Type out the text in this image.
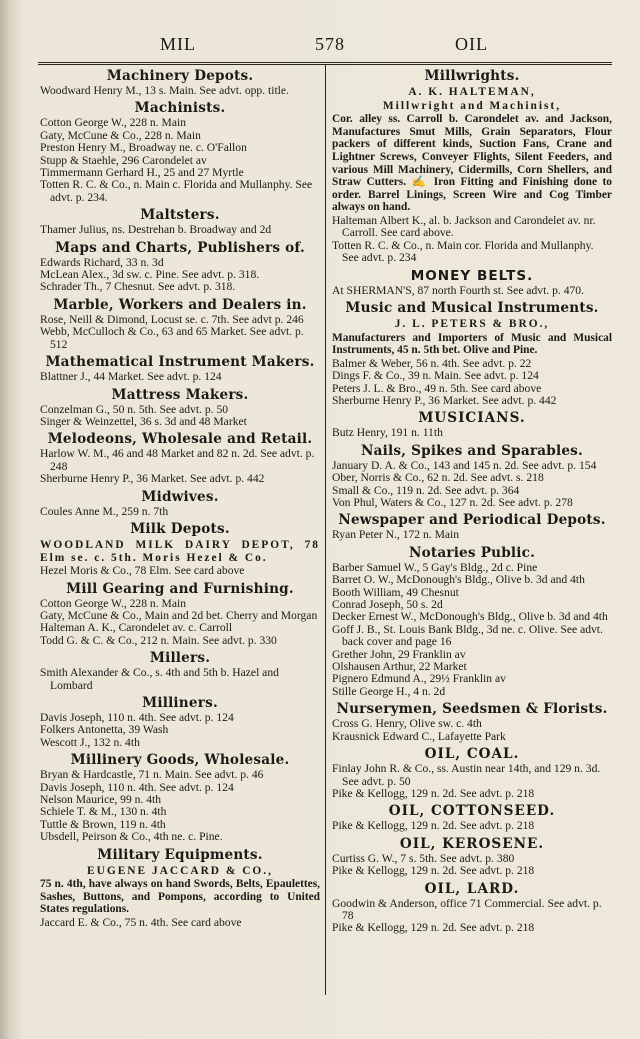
MIL	578	OIL
Machinery Depots.

Woodward Henry M., 13 s. Main. See advt. opp. title.

Machinists.

Cotton George W., 228 n. Main

Gaty, McCune & Co., 228 n. Main

Preston Henry M., Broadway ne. c. O'Fallon

Stupp & Staehle, 296 Carondelet av

Timmermann Gerhard H., 25 and 27 Myrtle

Totten R. C. & Co., n. Main c. Florida and Mullanphy. See advt. p. 234.

Maltsters.

Thamer Julius, ns. Destrehan b. Broadway and 2d

Maps and Charts, Publishers of.

Edwards Richard, 33 n. 3d

McLean Alex., 3d sw. c. Pine. See advt. p. 318.

Schrader Th., 7 Chesnut. See advt. p. 318.

Marble, Workers and Dealers in.

Rose, Neill & Dimond, Locust se. c. 7th. See advt p. 246

Webb, McCulloch & Co., 63 and 65 Market. See advt. p. 512

Mathematical Instrument Makers.

Blattner J., 44 Market. See advt. p. 124

Mattress Makers.

Conzelman G., 50 n. 5th. See advt. p. 50

Singer & Weinzettel, 36 s. 3d and 48 Market

Melodeons, Wholesale and Retail.

Harlow W. M., 46 and 48 Market and 82 n. 2d. See advt. p. 248

Sherburne Henry P., 36 Market. See advt. p. 442

Midwives.

Coules Anne M., 259 n. 7th

Milk Depots.
WOODLAND MILK DAIRY DEPOT, 78 Elm se. c. 5th. Moris Hezel & Co.

Hezel Moris & Co., 78 Elm. See card above

Mill Gearing and Furnishing.

Cotton George W., 228 n. Main

Gaty, McCune & Co., Main and 2d bet. Cherry and Morgan

Halteman A. K., Carondelet av. c. Carroll

Todd G. & C. & Co., 212 n. Main. See advt. p. 330

Millers.

Smith Alexander & Co., s. 4th and 5th b. Hazel and Lombard

Milliners.

Davis Joseph, 110 n. 4th. See advt. p. 124

Folkers Antonetta, 39 Wash

Wescott J., 132 n. 4th

Millinery Goods, Wholesale.

Bryan & Hardcastle, 71 n. Main. See advt. p. 46

Davis Joseph, 110 n. 4th. See advt. p. 124

Nelson Maurice, 99 n. 4th

Schiele T. & M., 130 n. 4th

Tuttle & Brown, 119 n. 4th

Ubsdell, Peirson & Co., 4th ne. c. Pine.

Military Equipments.
EUGENE JACCARD & CO.,
75 n. 4th, have always on hand Swords, Belts, Epaulettes, Sashes, Buttons, and Pompons, according to United States regulations.

Jaccard E. & Co., 75 n. 4th. See card above

Millwrights.
A. K. HALTEMAN,
Millwright and Machinist,
Cor. alley ss. Carroll b. Carondelet av. and Jackson, Manufactures Smut Mills, Grain Separators, Flour packers of different kinds, Suction Fans, Crane and Lightner Screws, Conveyer Flights, Silent Feeders, and various Mill Machinery, Cidermills, Corn Shellers, and Straw Cutters. ✍ Iron Fitting and Finishing done to order. Barrel Linings, Screen Wire and Cog Timber always on hand.

Halteman Albert K., al. b. Jackson and Carondelet av. nr. Carroll. See card above.

Totten R. C. & Co., n. Main cor. Florida and Mullanphy. See advt. p. 234

MONEY BELTS.

At SHERMAN'S, 87 north Fourth st. See advt. p. 470.

Music and Musical Instruments.
J. L. PETERS & BRO.,
Manufacturers and Importers of Music and Musical Instruments, 45 n. 5th bet. Olive and Pine.

Balmer & Weber, 56 n. 4th. See advt. p. 22

Dings F. & Co., 39 n. Main. See advt. p. 124

Peters J. L. & Bro., 49 n. 5th. See card above

Sherburne Henry P., 36 Market. See advt. p. 442

MUSICIANS.

Butz Henry, 191 n. 11th

Nails, Spikes and Sparables.

January D. A. & Co., 143 and 145 n. 2d. See advt. p. 154

Ober, Norris & Co., 62 n. 2d. See advt. s. 218

Small & Co., 119 n. 2d. See advt. p. 364

Von Phul, Waters & Co., 127 n. 2d. See advt. p. 278

Newspaper and Periodical Depots.

Ryan Peter N., 172 n. Main

Notaries Public.

Barber Samuel W., 5 Gay's Bldg., 2d c. Pine

Barret O. W., McDonough's Bldg., Olive b. 3d and 4th

Booth William, 49 Chesnut

Conrad Joseph, 50 s. 2d

Decker Ernest W., McDonough's Bldg., Olive b. 3d and 4th

Goff J. B., St. Louis Bank Bldg., 3d ne. c. Olive. See advt. back cover and page 16

Grether John, 29 Franklin av

Olshausen Arthur, 22 Market

Pignero Edmund A., 29½ Franklin av

Stille George H., 4 n. 2d

Nurserymen, Seedsmen & Florists.

Cross G. Henry, Olive sw. c. 4th

Krausnick Edward C., Lafayette Park

OIL, COAL.

Finlay John R. & Co., ss. Austin near 14th, and 129 n. 3d. See advt. p. 50

Pike & Kellogg, 129 n. 2d. See advt. p. 218

OIL, COTTONSEED.

Pike & Kellogg, 129 n. 2d. See advt. p. 218

OIL, KEROSENE.

Curtiss G. W., 7 s. 5th. See advt. p. 380

Pike & Kellogg, 129 n. 2d. See advt. p. 218

OIL, LARD.

Goodwin & Anderson, office 71 Commercial. See advt. p. 78

Pike & Kellogg, 129 n. 2d. See advt. p. 218
